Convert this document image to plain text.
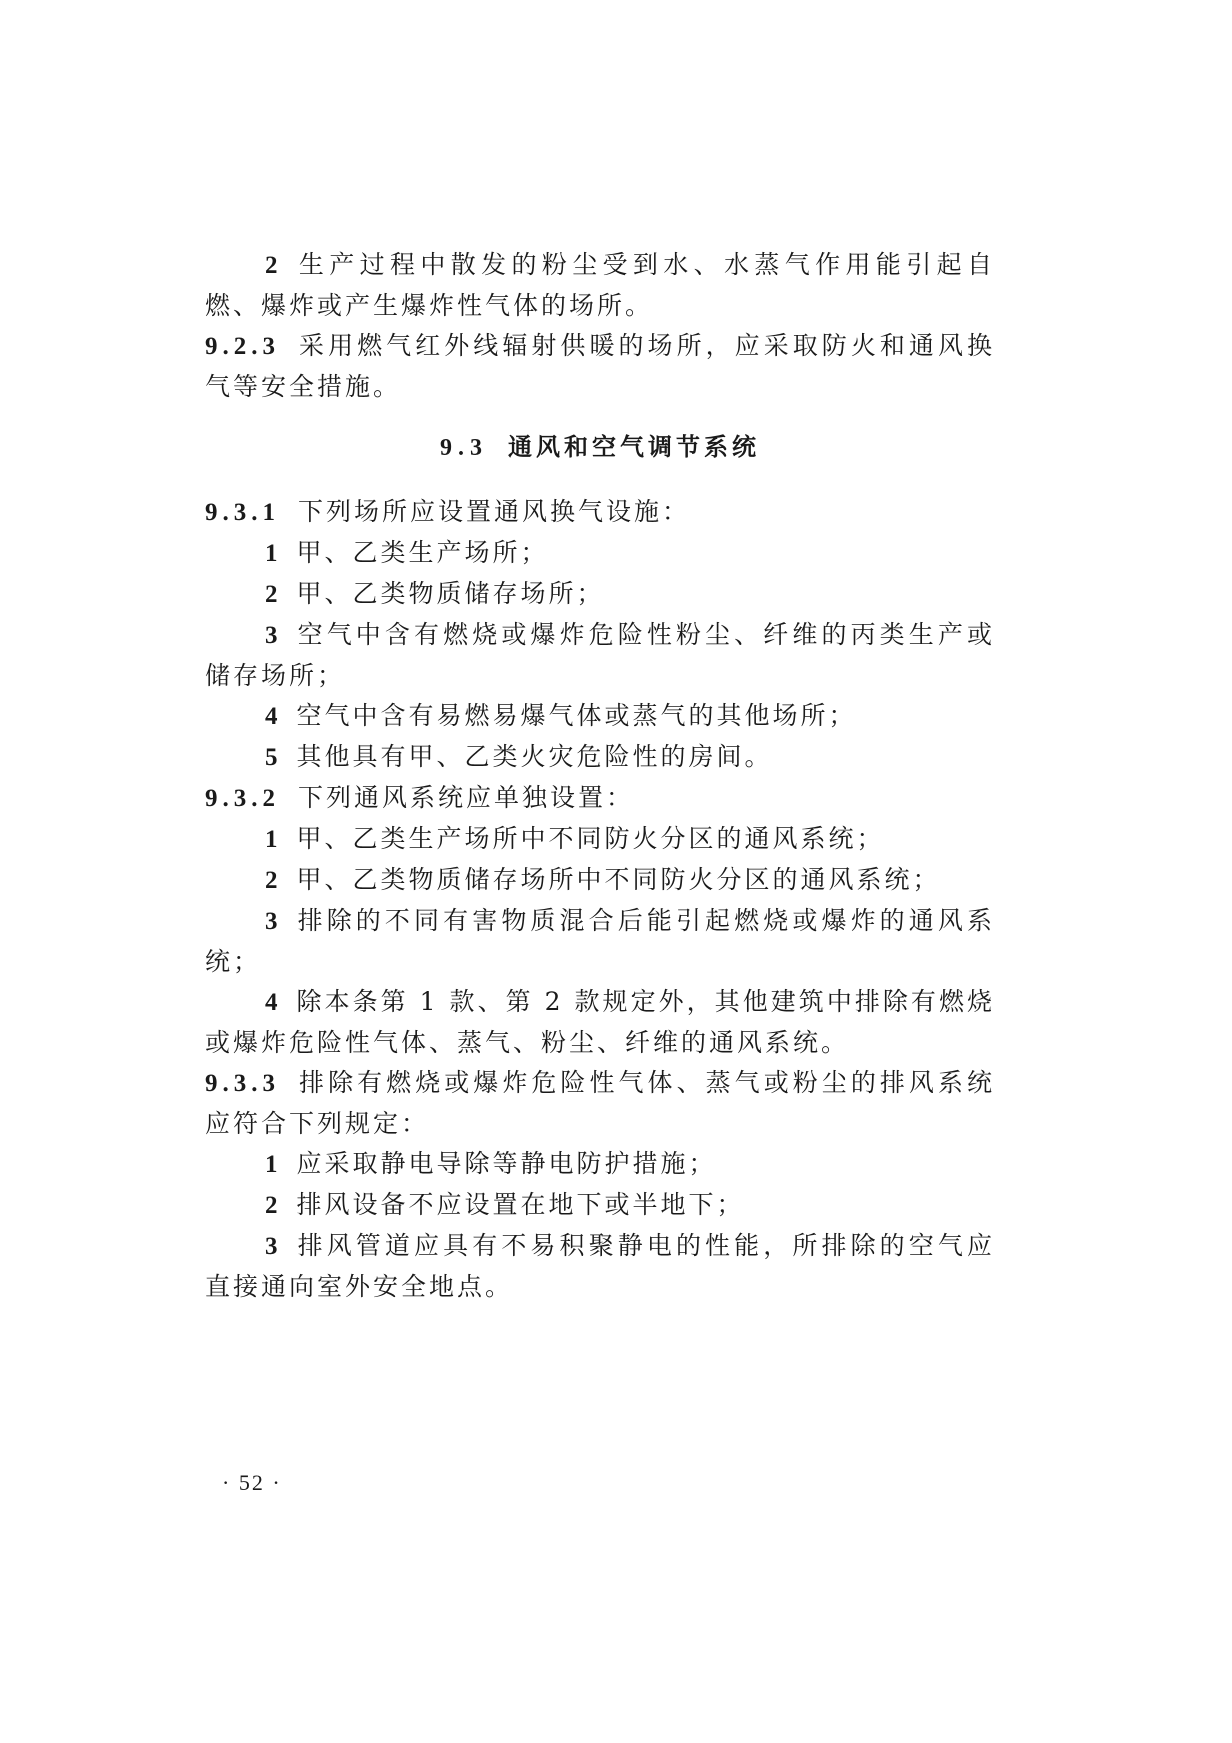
2 生产过程中散发的粉尘受到水、水蒸气作用能引起自燃、爆炸或产生爆炸性气体的场所。

9.2.3 采用燃气红外线辐射供暖的场所，应采取防火和通风换气等安全措施。

9.3 通风和空气调节系统

9.3.1 下列场所应设置通风换气设施：

1 甲、乙类生产场所；

2 甲、乙类物质储存场所；

3 空气中含有燃烧或爆炸危险性粉尘、纤维的丙类生产或储存场所；

4 空气中含有易燃易爆气体或蒸气的其他场所；

5 其他具有甲、乙类火灾危险性的房间。

9.3.2 下列通风系统应单独设置：

1 甲、乙类生产场所中不同防火分区的通风系统；

2 甲、乙类物质储存场所中不同防火分区的通风系统；

3 排除的不同有害物质混合后能引起燃烧或爆炸的通风系统；

4 除本条第 1 款、第 2 款规定外，其他建筑中排除有燃烧或爆炸危险性气体、蒸气、粉尘、纤维的通风系统。

9.3.3 排除有燃烧或爆炸危险性气体、蒸气或粉尘的排风系统应符合下列规定：

1 应采取静电导除等静电防护措施；

2 排风设备不应设置在地下或半地下；

3 排风管道应具有不易积聚静电的性能，所排除的空气应直接通向室外安全地点。

· 52 ·
